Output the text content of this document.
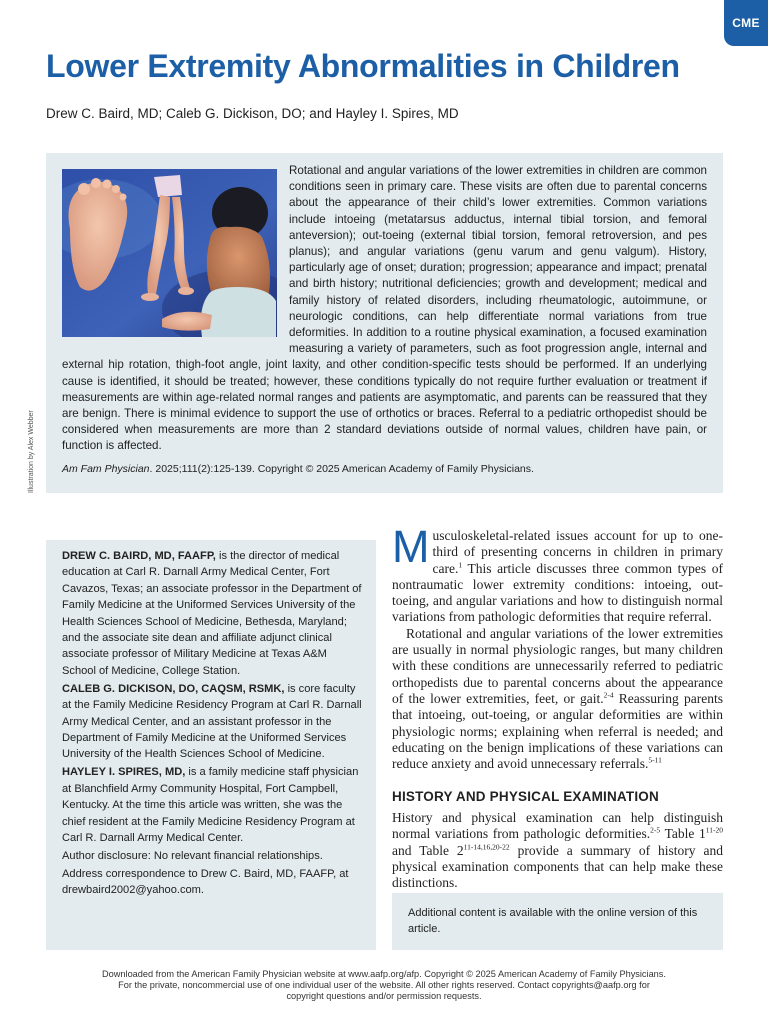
CME
Lower Extremity Abnormalities in Children
Drew C. Baird, MD; Caleb G. Dickison, DO; and Hayley I. Spires, MD

Rotational and angular variations of the lower extremities in children are common conditions seen in primary care. These visits are often due to parental concerns about the appearance of their child’s lower extremities. Common variations include intoeing (metatarsus adductus, internal tibial torsion, and femoral anteversion); out-toeing (external tibial torsion, femoral retroversion, and pes planus); and angular variations (genu varum and genu valgum). History, particularly age of onset; duration; progression; appearance and impact; prenatal and birth history; nutritional deficiencies; growth and development; medical and family history of related disorders, including rheumatologic, autoimmune, or neurologic conditions, can help differentiate normal variations from true deformities. In addition to a routine physical examination, a focused examination measuring a variety of parameters, such as foot progression angle, internal and external hip rotation, thigh-foot angle, joint laxity, and other condition-specific tests should be performed. If an underlying cause is identified, it should be treated; however, these conditions typically do not require further evaluation or treatment if measurements are within age-related normal ranges and patients are asymptomatic, and parents can be reassured that they are benign. There is minimal evidence to support the use of orthotics or braces. Referral to a pediatric orthopedist should be considered when measurements are more than 2 standard deviations outside of normal values, children have pain, or function is affected.

Am Fam Physician. 2025;111(2):125-139. Copyright © 2025 American Academy of Family Physicians.
Illustration by Alex Webber

DREW C. BAIRD, MD, FAAFP, is the director of medical education at Carl R. Darnall Army Medical Center, Fort Cavazos, Texas; an associate professor in the Department of Family Medicine at the Uniformed Services University of the Health Sciences School of Medicine, Bethesda, Maryland; and the associate site dean and affiliate adjunct clinical associate professor of Military Medicine at Texas A&M School of Medicine, College Station.

CALEB G. DICKISON, DO, CAQSM, RSMK, is core faculty at the Family Medicine Residency Program at Carl R. Darnall Army Medical Center, and an assistant professor in the Department of Family Medicine at the Uniformed Services University of the Health Sciences School of Medicine.

HAYLEY I. SPIRES, MD, is a family medicine staff physician at Blanchfield Army Community Hospital, Fort Campbell, Kentucky. At the time this article was written, she was the chief resident at the Family Medicine Residency Program at Carl R. Darnall Army Medical Center.

Author disclosure: No relevant financial relationships.

Address correspondence to Drew C. Baird, MD, FAAFP, at drewbaird2002@yahoo.com.

Musculoskeletal-related issues account for up to one-third of presenting concerns in children in primary care.$^1$ This article discusses three common types of nontraumatic lower extremity conditions: intoeing, out-toeing, and angular variations and how to distinguish normal variations from pathologic deformities that require referral.

Rotational and angular variations of the lower extremities are usually in normal physiologic ranges, but many children with these conditions are unnecessarily referred to pediatric orthopedists due to parental concerns about the appearance of the lower extremities, feet, or gait.$^{2-4}$ Reassuring parents that intoeing, out-toeing, or angular deformities are within physiologic norms; explaining when referral is needed; and educating on the benign implications of these variations can reduce anxiety and avoid unnecessary referrals.$^{5-11}$

HISTORY AND PHYSICAL EXAMINATION

History and physical examination can help distinguish normal variations from pathologic deformities.$^{2-5}$ Table 1$^{11-20}$ and Table 2$^{11-14,16,20-22}$ provide a summary of history and physical examination components that can help make these distinctions.

Additional content is available with the online version of this article.

Downloaded from the American Family Physician website at www.aafp.org/afp. Copyright © 2025 American Academy of Family Physicians. For the private, noncommercial use of one individual user of the website. All other rights reserved. Contact copyrights@aafp.org for copyright questions and/or permission requests.
